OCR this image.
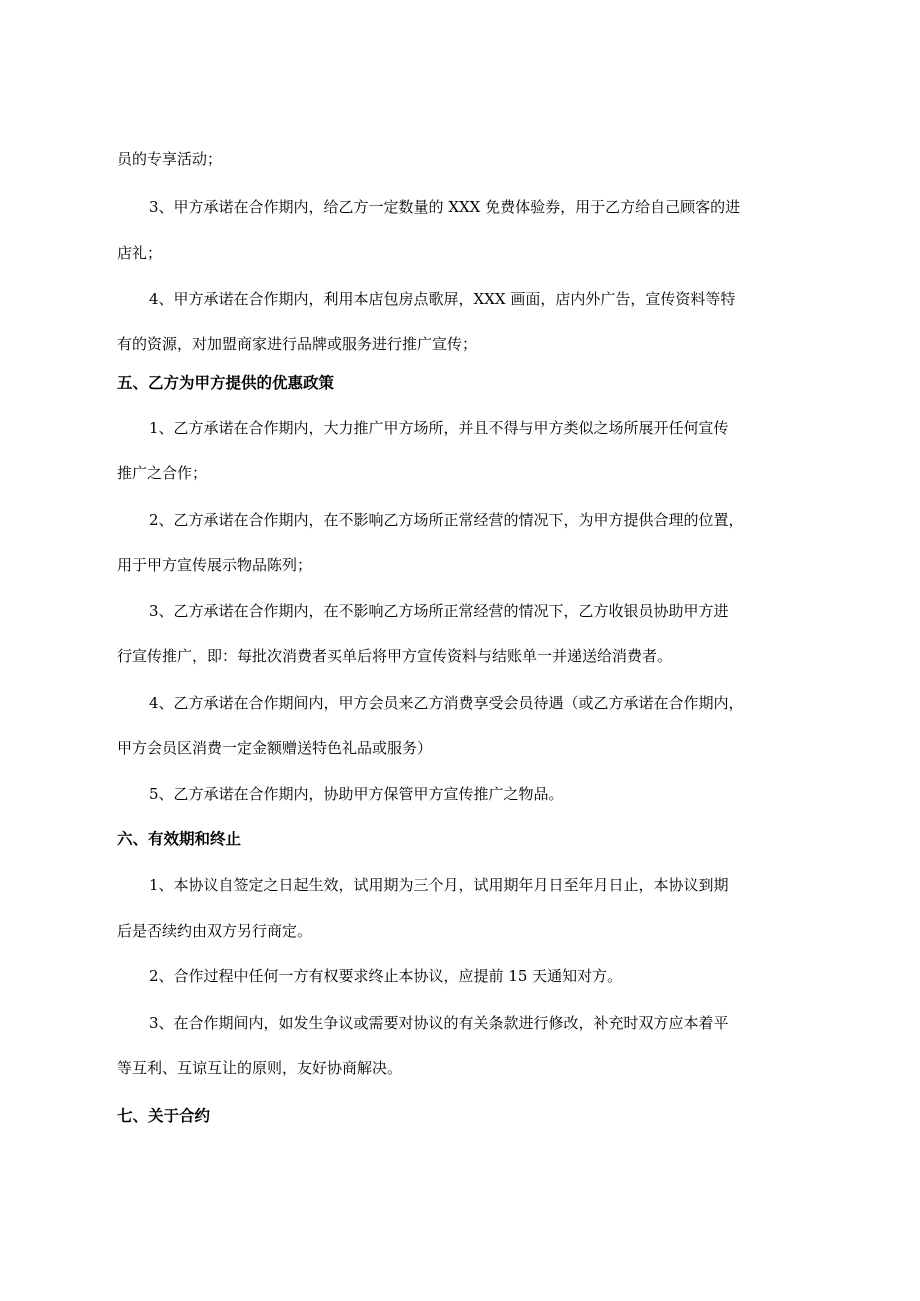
员的专享活动；

3、甲方承诺在合作期内，给乙方一定数量的 XXX 免费体验券，用于乙方给自己顾客的进

店礼；

4、甲方承诺在合作期内，利用本店包房点歌屏，XXX 画面，店内外广告，宣传资料等特

有的资源，对加盟商家进行品牌或服务进行推广宣传；

五、乙方为甲方提供的优惠政策

1、乙方承诺在合作期内，大力推广甲方场所，并且不得与甲方类似之场所展开任何宣传

推广之合作；

2、乙方承诺在合作期内，在不影响乙方场所正常经营的情况下，为甲方提供合理的位置，

用于甲方宣传展示物品陈列；

3、乙方承诺在合作期内，在不影响乙方场所正常经营的情况下，乙方收银员协助甲方进

行宣传推广，即：每批次消费者买单后将甲方宣传资料与结账单一并递送给消费者。

4、乙方承诺在合作期间内，甲方会员来乙方消费享受会员待遇（或乙方承诺在合作期内，

甲方会员区消费一定金额赠送特色礼品或服务）

5、乙方承诺在合作期内，协助甲方保管甲方宣传推广之物品。

六、有效期和终止

1、本协议自签定之日起生效，试用期为三个月，试用期年月日至年月日止，本协议到期

后是否续约由双方另行商定。

2、合作过程中任何一方有权要求终止本协议，应提前 15 天通知对方。

3、在合作期间内，如发生争议或需要对协议的有关条款进行修改，补充时双方应本着平

等互利、互谅互让的原则，友好协商解决。

七、关于合约
